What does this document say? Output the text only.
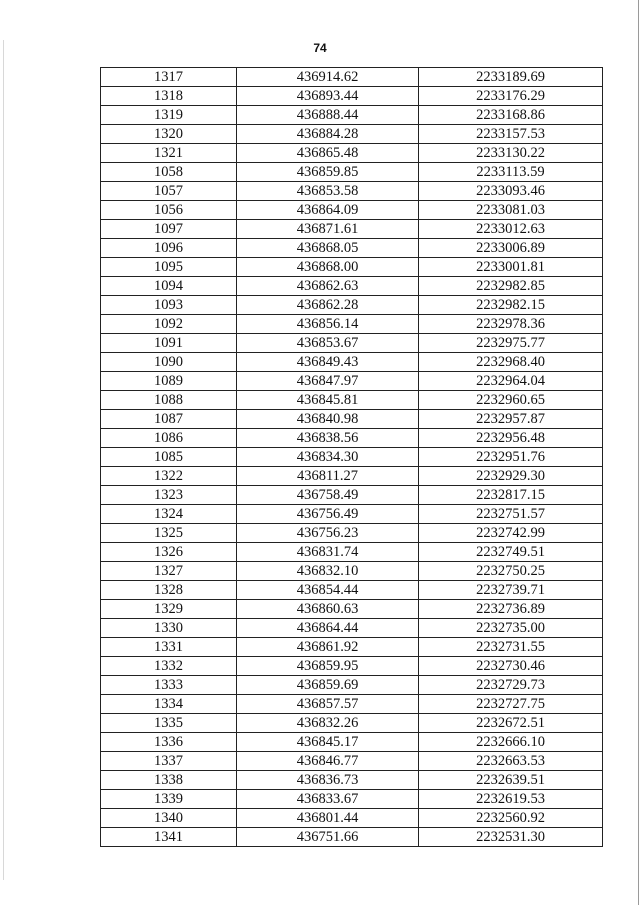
74
1317	436914.62	2233189.69
1318	436893.44	2233176.29
1319	436888.44	2233168.86
1320	436884.28	2233157.53
1321	436865.48	2233130.22
1058	436859.85	2233113.59
1057	436853.58	2233093.46
1056	436864.09	2233081.03
1097	436871.61	2233012.63
1096	436868.05	2233006.89
1095	436868.00	2233001.81
1094	436862.63	2232982.85
1093	436862.28	2232982.15
1092	436856.14	2232978.36
1091	436853.67	2232975.77
1090	436849.43	2232968.40
1089	436847.97	2232964.04
1088	436845.81	2232960.65
1087	436840.98	2232957.87
1086	436838.56	2232956.48
1085	436834.30	2232951.76
1322	436811.27	2232929.30
1323	436758.49	2232817.15
1324	436756.49	2232751.57
1325	436756.23	2232742.99
1326	436831.74	2232749.51
1327	436832.10	2232750.25
1328	436854.44	2232739.71
1329	436860.63	2232736.89
1330	436864.44	2232735.00
1331	436861.92	2232731.55
1332	436859.95	2232730.46
1333	436859.69	2232729.73
1334	436857.57	2232727.75
1335	436832.26	2232672.51
1336	436845.17	2232666.10
1337	436846.77	2232663.53
1338	436836.73	2232639.51
1339	436833.67	2232619.53
1340	436801.44	2232560.92
1341	436751.66	2232531.30
